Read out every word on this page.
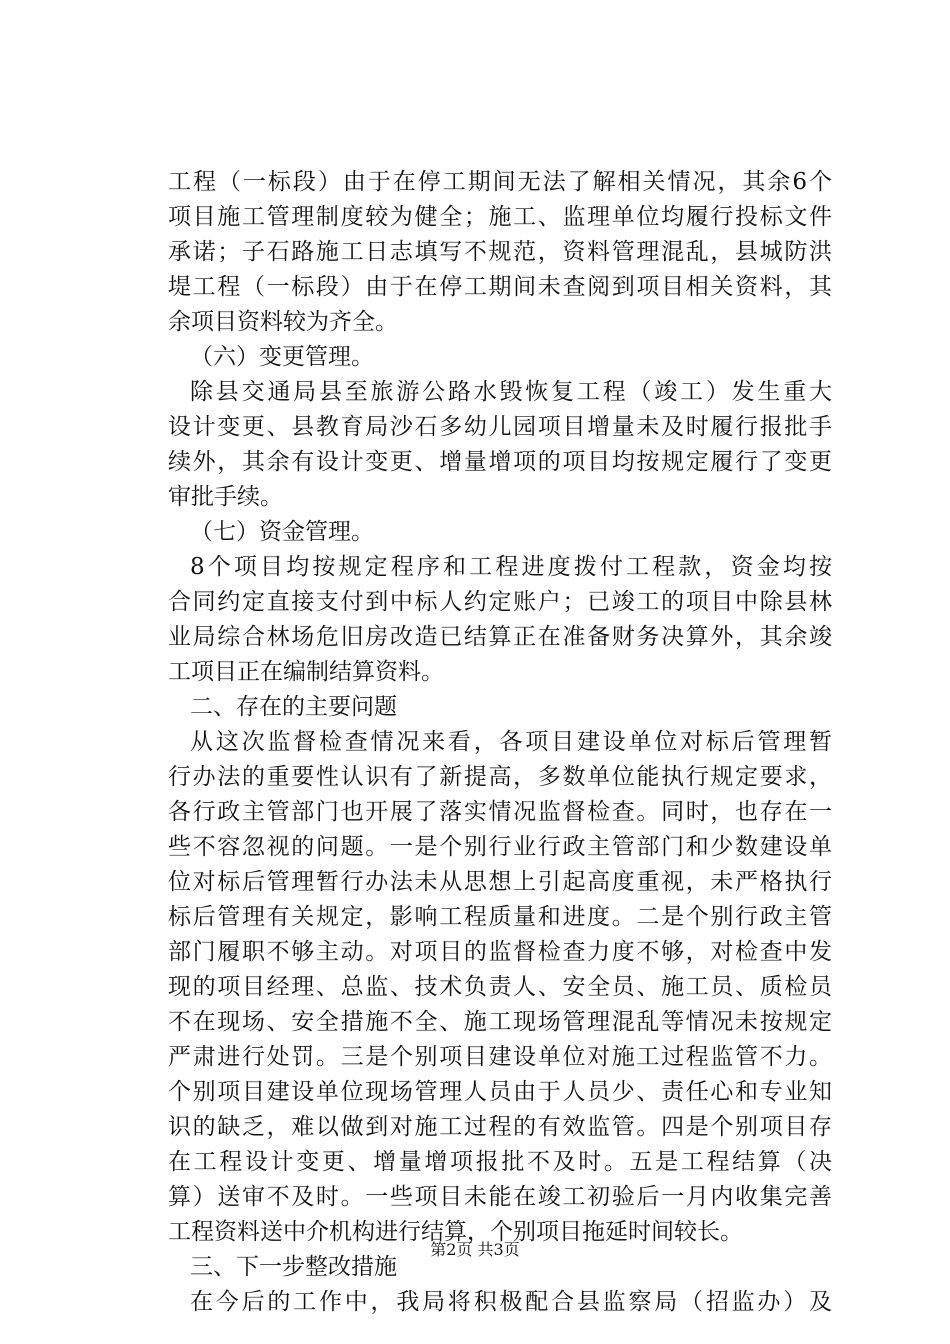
工程（一标段）由于在停工期间无法了解相关情况，其余6个
项目施工管理制度较为健全；施工、监理单位均履行投标文件
承诺；子石路施工日志填写不规范，资料管理混乱，县城防洪
堤工程（一标段）由于在停工期间未查阅到项目相关资料，其
余项目资料较为齐全。
（六）变更管理。
除县交通局县至旅游公路水毁恢复工程（竣工）发生重大
设计变更、县教育局沙石多幼儿园项目增量未及时履行报批手
续外，其余有设计变更、增量增项的项目均按规定履行了变更
审批手续。
（七）资金管理。
8个项目均按规定程序和工程进度拨付工程款，资金均按
合同约定直接支付到中标人约定账户；已竣工的项目中除县林
业局综合林场危旧房改造已结算正在准备财务决算外，其余竣
工项目正在编制结算资料。
二、存在的主要问题
从这次监督检查情况来看，各项目建设单位对标后管理暂
行办法的重要性认识有了新提高，多数单位能执行规定要求，
各行政主管部门也开展了落实情况监督检查。同时，也存在一
些不容忽视的问题。一是个别行业行政主管部门和少数建设单
位对标后管理暂行办法未从思想上引起高度重视，未严格执行
标后管理有关规定，影响工程质量和进度。二是个别行政主管
部门履职不够主动。对项目的监督检查力度不够，对检查中发
现的项目经理、总监、技术负责人、安全员、施工员、质检员
不在现场、安全措施不全、施工现场管理混乱等情况未按规定
严肃进行处罚。三是个别项目建设单位对施工过程监管不力。
个别项目建设单位现场管理人员由于人员少、责任心和专业知
识的缺乏，难以做到对施工过程的有效监管。四是个别项目存
在工程设计变更、增量增项报批不及时。五是工程结算（决
算）送审不及时。一些项目未能在竣工初验后一月内收集完善
工程资料送中介机构进行结算，个别项目拖延时间较长。
三、下一步整改措施
在今后的工作中，我局将积极配合县监察局（招监办）及
第2页 共3页
